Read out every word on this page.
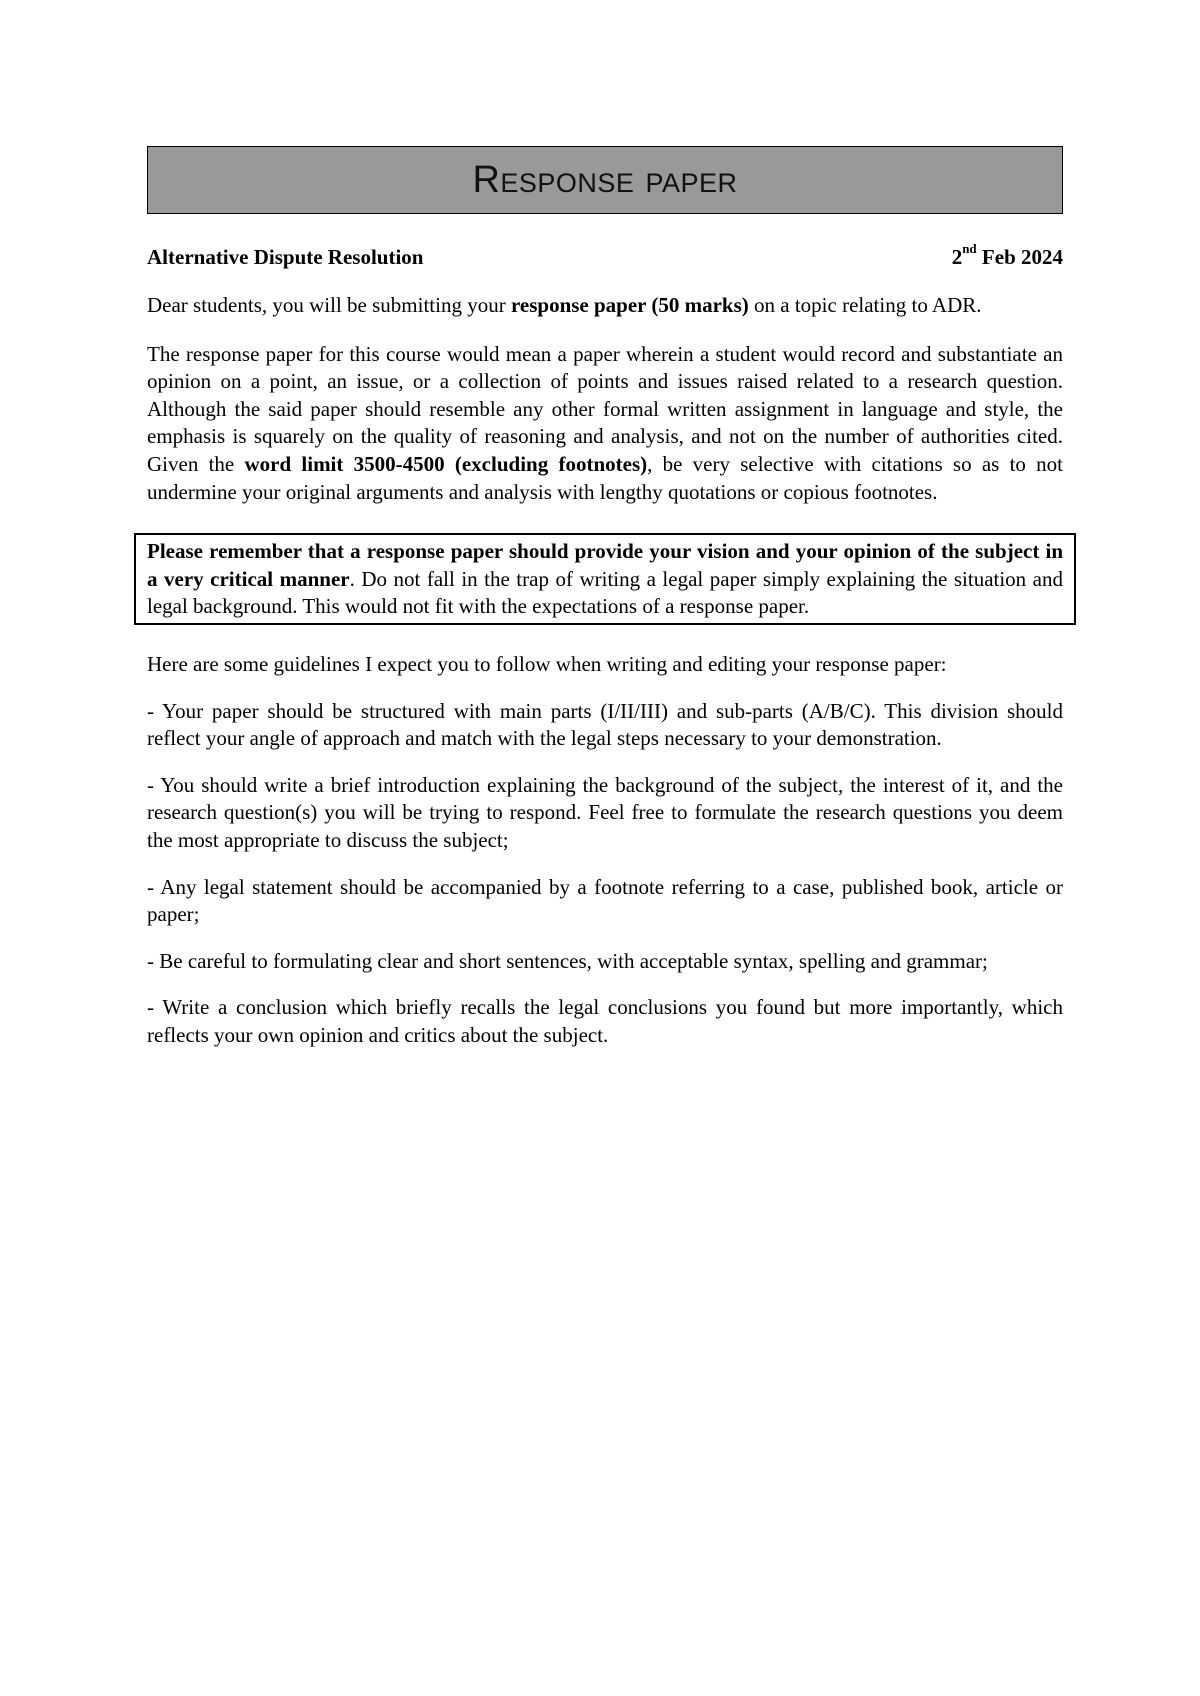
Response paper
Alternative Dispute Resolution	2nd Feb 2024

Dear students, you will be submitting your response paper (50 marks) on a topic relating to ADR.

The response paper for this course would mean a paper wherein a student would record and substantiate an opinion on a point, an issue, or a collection of points and issues raised related to a research question. Although the said paper should resemble any other formal written assignment in language and style, the emphasis is squarely on the quality of reasoning and analysis, and not on the number of authorities cited. Given the word limit 3500-4500 (excluding footnotes), be very selective with citations so as to not undermine your original arguments and analysis with lengthy quotations or copious footnotes.

Please remember that a response paper should provide your vision and your opinion of the subject in a very critical manner. Do not fall in the trap of writing a legal paper simply explaining the situation and legal background. This would not fit with the expectations of a response paper.

Here are some guidelines I expect you to follow when writing and editing your response paper:

- Your paper should be structured with main parts (I/II/III) and sub-parts (A/B/C). This division should reflect your angle of approach and match with the legal steps necessary to your demonstration.

- You should write a brief introduction explaining the background of the subject, the interest of it, and the research question(s) you will be trying to respond. Feel free to formulate the research questions you deem the most appropriate to discuss the subject;

- Any legal statement should be accompanied by a footnote referring to a case, published book, article or paper;

- Be careful to formulating clear and short sentences, with acceptable syntax, spelling and grammar;

- Write a conclusion which briefly recalls the legal conclusions you found but more importantly, which reflects your own opinion and critics about the subject.
